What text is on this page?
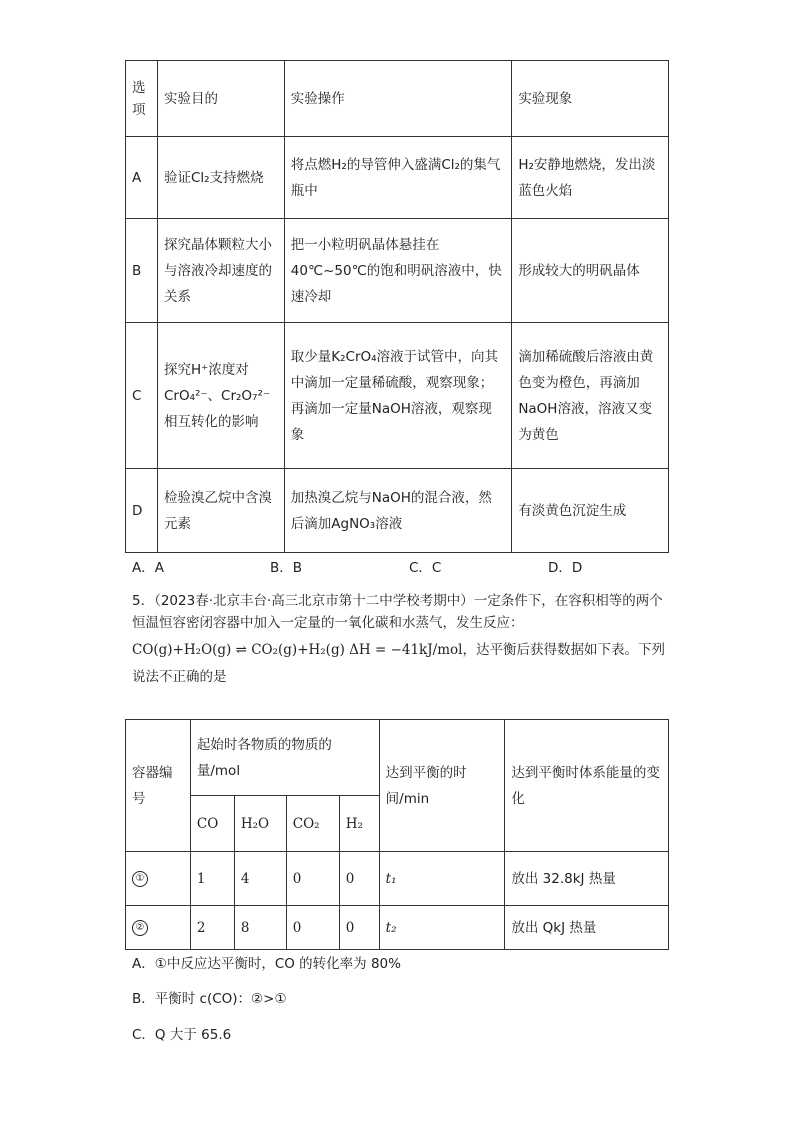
选项	实验目的	实验操作	实验现象
A	验证Cl₂支持燃烧	将点燃H₂的导管伸入盛满Cl₂的集气瓶中	H₂安静地燃烧，发出淡蓝色火焰
B	探究晶体颗粒大小与溶液冷却速度的关系	把一小粒明矾晶体悬挂在40℃~50℃的饱和明矾溶液中，快速冷却	形成较大的明矾晶体
C	探究H⁺浓度对CrO₄²⁻、Cr₂O₇²⁻相互转化的影响	取少量K₂CrO₄溶液于试管中，向其中滴加一定量稀硫酸，观察现象；再滴加一定量NaOH溶液，观察现象	滴加稀硫酸后溶液由黄色变为橙色，再滴加NaOH溶液，溶液又变为黄色
D	检验溴乙烷中含溴元素	加热溴乙烷与NaOH的混合液，然后滴加AgNO₃溶液	有淡黄色沉淀生成
A．A	B．B	C．C	D．D
5．（2023春·北京丰台·高三北京市第十二中学校考期中）一定条件下，在容积相等的两个恒温恒容密闭容器中加入一定量的一氧化碳和水蒸气，发生反应：
CO(g)+H₂O(g) ⇌ CO₂(g)+H₂(g) ΔH = −41kJ/mol，达平衡后获得数据如下表。下列说法不正确的是
容器编号	起始时各物质的物质的量/mol				达到平衡的时间/min	达到平衡时体系能量的变化
	CO	H₂O	CO₂	H₂		
①	1	4	0	0	t₁	放出 32.8kJ 热量
②	2	8	0	0	t₂	放出 QkJ 热量
A．①中反应达平衡时，CO 的转化率为 80%
B．平衡时 c(CO)：②>①
C．Q 大于 65.6
